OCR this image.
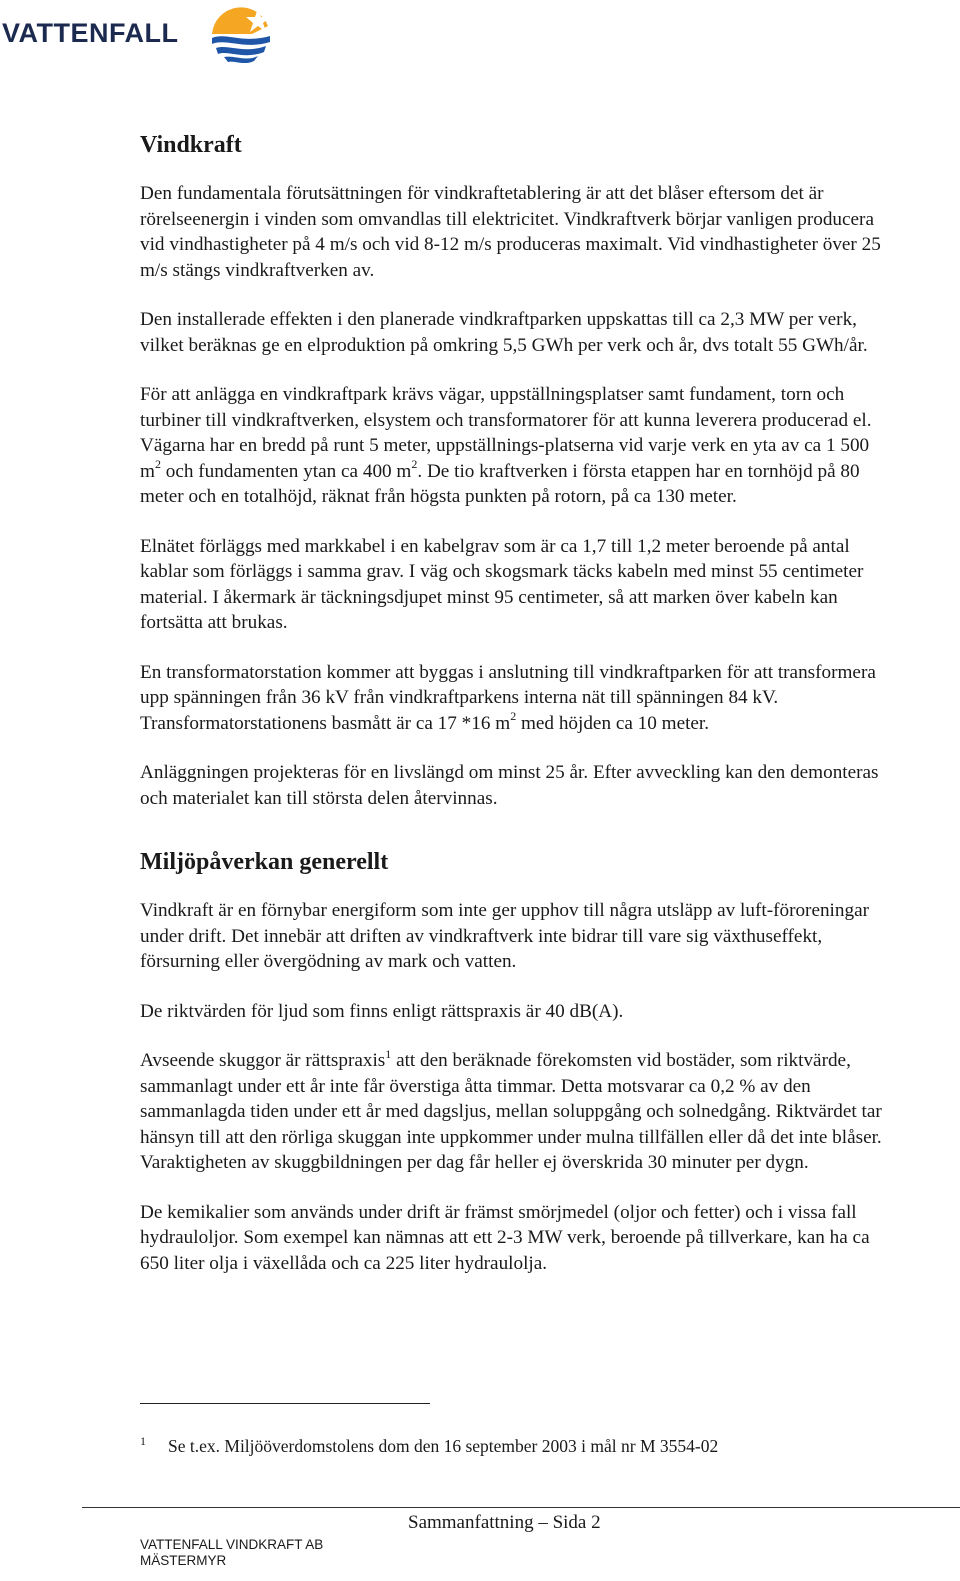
VATTENFALL
Vindkraft

Den fundamentala förutsättningen för vindkraftetablering är att det blåser eftersom det är rörelseenergin i vinden som omvandlas till elektricitet. Vindkraftverk börjar vanligen producera vid vindhastigheter på 4 m/s och vid 8-12 m/s produceras maximalt. Vid vindhastigheter över 25 m/s stängs vindkraftverken av.

Den installerade effekten i den planerade vindkraftparken uppskattas till ca 2,3 MW per verk, vilket beräknas ge en elproduktion på omkring 5,5 GWh per verk och år, dvs totalt 55 GWh/år.

För att anlägga en vindkraftpark krävs vägar, uppställningsplatser samt fundament, torn och turbiner till vindkraftverken, elsystem och transformatorer för att kunna leverera producerad el. Vägarna har en bredd på runt 5 meter, uppställnings-platserna vid varje verk en yta av ca 1 500 $m^2$ och fundamenten ytan ca 400 $m^2$. De tio kraftverken i första etappen har en tornhöjd på 80 meter och en totalhöjd, räknat från högsta punkten på rotorn, på ca 130 meter.

Elnätet förläggs med markkabel i en kabelgrav som är ca 1,7 till 1,2 meter beroende på antal kablar som förläggs i samma grav. I väg och skogsmark täcks kabeln med minst 55 centimeter material. I åkermark är täckningsdjupet minst 95 centimeter, så att marken över kabeln kan fortsätta att brukas.

En transformatorstation kommer att byggas i anslutning till vindkraftparken för att transformera upp spänningen från 36 kV från vindkraftparkens interna nät till spänningen 84 kV. Transformatorstationens basmått är ca 17 *16 $m^2$ med höjden ca 10 meter.

Anläggningen projekteras för en livslängd om minst 25 år. Efter avveckling kan den demonteras och materialet kan till största delen återvinnas.

Miljöpåverkan generellt

Vindkraft är en förnybar energiform som inte ger upphov till några utsläpp av luft-föroreningar under drift. Det innebär att driften av vindkraftverk inte bidrar till vare sig växthuseffekt, försurning eller övergödning av mark och vatten.

De riktvärden för ljud som finns enligt rättspraxis är 40 dB(A).

Avseende skuggor är rättspraxis$^1$ att den beräknade förekomsten vid bostäder, som riktvärde, sammanlagt under ett år inte får överstiga åtta timmar. Detta motsvarar ca 0,2 % av den sammanlagda tiden under ett år med dagsljus, mellan soluppgång och solnedgång. Riktvärdet tar hänsyn till att den rörliga skuggan inte uppkommer under mulna tillfällen eller då det inte blåser. Varaktigheten av skuggbildningen per dag får heller ej överskrida 30 minuter per dygn.

De kemikalier som används under drift är främst smörjmedel (oljor och fetter) och i vissa fall hydrauloljor. Som exempel kan nämnas att ett 2-3 MW verk, beroende på tillverkare, kan ha ca 650 liter olja i växellåda och ca 225 liter hydraulolja.

1 Se t.ex. Miljööverdomstolens dom den 16 september 2003 i mål nr M 3554-02
Sammanfattning – Sida 2
VATTENFALL VINDKRAFT AB
MÄSTERMYR
